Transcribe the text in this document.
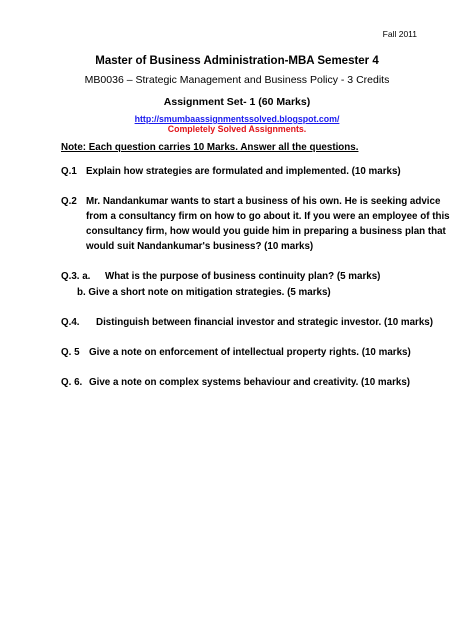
Fall 2011
Master of Business Administration-MBA Semester 4
MB0036 – Strategic Management and Business Policy - 3 Credits
Assignment Set- 1 (60 Marks)
http://smumbaassignmentssolved.blogspot.com/
Completely Solved Assignments.
Note: Each question carries 10 Marks. Answer all the questions.
Q.1 Explain how strategies are formulated and implemented. (10 marks)
Q.2 Mr. Nandankumar wants to start a business of his own. He is seeking advice
from a consultancy firm on how to go about it. If you were an employee of this
consultancy firm, how would you guide him in preparing a business plan that
would suit Nandankumar's business? (10 marks)
Q.3. a. What is the purpose of business continuity plan? (5 marks)
b. Give a short note on mitigation strategies. (5 marks)
Q.4. Distinguish between financial investor and strategic investor. (10 marks)
Q. 5 Give a note on enforcement of intellectual property rights. (10 marks)
Q. 6. Give a note on complex systems behaviour and creativity. (10 marks)
